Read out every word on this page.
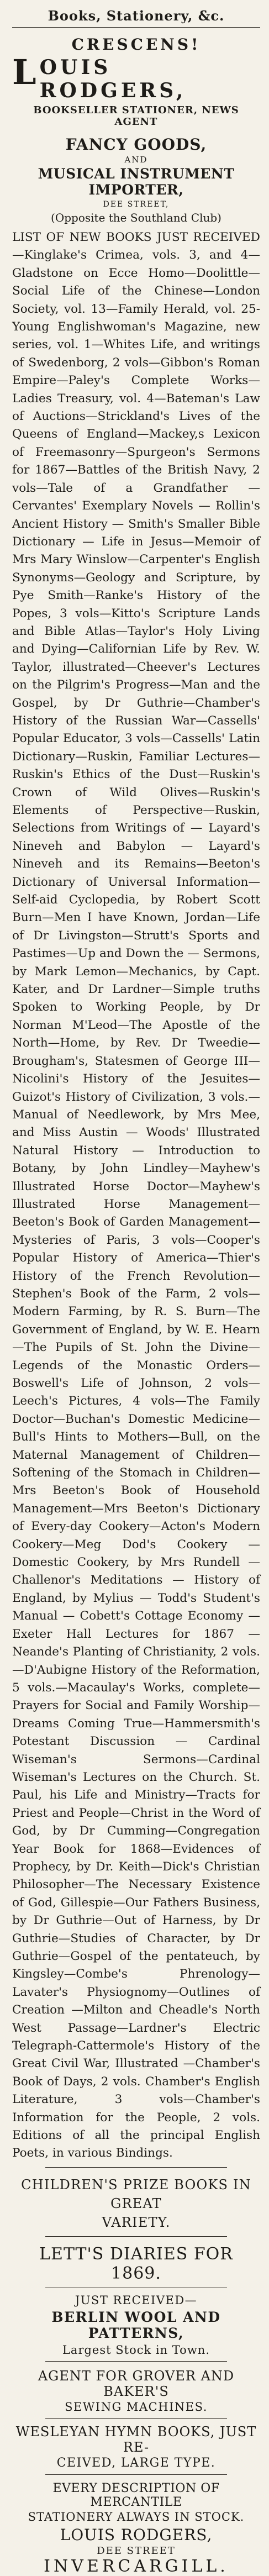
Books, Stationery, &c.
CRESCENS!
L OUIS RODGERS,
BOOKSELLER STATIONER, NEWS AGENT
FANCY GOODS,
AND
MUSICAL INSTRUMENT IMPORTER,
DEE STREET,
(Opposite the Southland Club)

LIST OF NEW BOOKS JUST RECEIVED—Kinglake's Crimea, vols. 3, and 4—Gladstone on Ecce Homo—Doolittle—Social Life of the Chinese—London Society, vol. 13—Family Herald, vol. 25-Young Englishwoman's Magazine, new series, vol. 1—Whites Life, and writings of Swedenborg, 2 vols—Gibbon's Roman Empire—Paley's Complete Works—Ladies Treasury, vol. 4—Bateman's Law of Auctions—Strickland's Lives of the Queens of England—Mackey,s Lexicon of Freemasonry—Spurgeon's Sermons for 1867—Battles of the British Navy, 2 vols—Tale of a Grandfather — Cervantes' Exemplary Novels — Rollin's Ancient History — Smith's Smaller Bible Dictionary — Life in Jesus—Memoir of Mrs Mary Winslow—Carpenter's English Synonyms—Geology and Scripture, by Pye Smith—Ranke's History of the Popes, 3 vols—Kitto's Scripture Lands and Bible Atlas—Taylor's Holy Living and Dying—Californian Life by Rev. W. Taylor, illustrated—Cheever's Lectures on the Pilgrim's Progress—Man and the Gospel, by Dr Guthrie—Chamber's History of the Russian War—Cassells' Popular Educator, 3 vols—Cassells' Latin Dictionary—Ruskin, Familiar Lectures—Ruskin's Ethics of the Dust—Ruskin's Crown of Wild Olives—Ruskin's Elements of Perspective—Ruskin, Selections from Writings of — Layard's Nineveh and Babylon — Layard's Nineveh and its Remains—Beeton's Dictionary of Universal Information—Self-aid Cyclopedia, by Robert Scott Burn—Men I have Known, Jordan—Life of Dr Livingston—Strutt's Sports and Pastimes—Up and Down the — Sermons, by Mark Lemon—Mechanics, by Capt. Kater, and Dr Lardner—Simple truths Spoken to Working People, by Dr Norman M'Leod—The Apostle of the North—Home, by Rev. Dr Tweedie—Brougham's, Statesmen of George III—Nicolini's History of the Jesuites—Guizot's History of Civilization, 3 vols.—Manual of Needlework, by Mrs Mee, and Miss Austin — Woods' Illustrated Natural History — Introduction to Botany, by John Lindley—Mayhew's Illustrated Horse Doctor—Mayhew's Illustrated Horse Management—Beeton's Book of Garden Management—Mysteries of Paris, 3 vols—Cooper's Popular History of America—Thier's History of the French Revolution—Stephen's Book of the Farm, 2 vols—Modern Farming, by R. S. Burn—The Government of England, by W. E. Hearn—The Pupils of St. John the Divine—Legends of the Monastic Orders—Boswell's Life of Johnson, 2 vols—Leech's Pictures, 4 vols—The Family Doctor—Buchan's Domestic Medicine—Bull's Hints to Mothers—Bull, on the Maternal Management of Children—Softening of the Stomach in Children—Mrs Beeton's Book of Household Management—Mrs Beeton's Dictionary of Every-day Cookery—Acton's Modern Cookery—Meg Dod's Cookery — Domestic Cookery, by Mrs Rundell — Challenor's Meditations — History of England, by Mylius — Todd's Student's Manual — Cobett's Cottage Economy — Exeter Hall Lectures for 1867 — Neande's Planting of Christianity, 2 vols.—D'Aubigne History of the Reformation, 5 vols.—Macaulay's Works, complete—Prayers for Social and Family Worship—Dreams Coming True—Hammersmith's Potestant Discussion — Cardinal Wiseman's Sermons—Cardinal Wiseman's Lectures on the Church. St. Paul, his Life and Ministry—Tracts for Priest and People—Christ in the Word of God, by Dr Cumming—Congregation Year Book for 1868—Evidences of Prophecy, by Dr. Keith—Dick's Christian Philosopher—The Necessary Existence of God, Gillespie—Our Fathers Business, by Dr Guthrie—Out of Harness, by Dr Guthrie—Studies of Character, by Dr Guthrie—Gospel of the pentateuch, by Kingsley—Combe's Phrenology—Lavater's Physiognomy—Outlines of Creation —Milton and Cheadle's North West Passage—Lardner's Electric Telegraph-Cattermole's History of the Great Civil War, Illustrated —Chamber's Book of Days, 2 vols. Chamber's English Literature, 3 vols—Chamber's Information for the People, 2 vols. Editions of all the principal English Poets, in various Bindings.

CHILDREN'S PRIZE BOOKS IN GREAT
VARIETY.
LETT'S DIARIES FOR 1869.
JUST RECEIVED—
BERLIN WOOL AND PATTERNS,
Largest Stock in Town.
AGENT FOR GROVER AND BAKER'S
SEWING MACHINES.
WESLEYAN HYMN BOOKS, JUST RE-
CEIVED, LARGE TYPE.
EVERY DESCRIPTION OF MERCANTILE
STATIONERY ALWAYS IN STOCK.
LOUIS RODGERS,
DEE STREET
INVERCARGILL.
